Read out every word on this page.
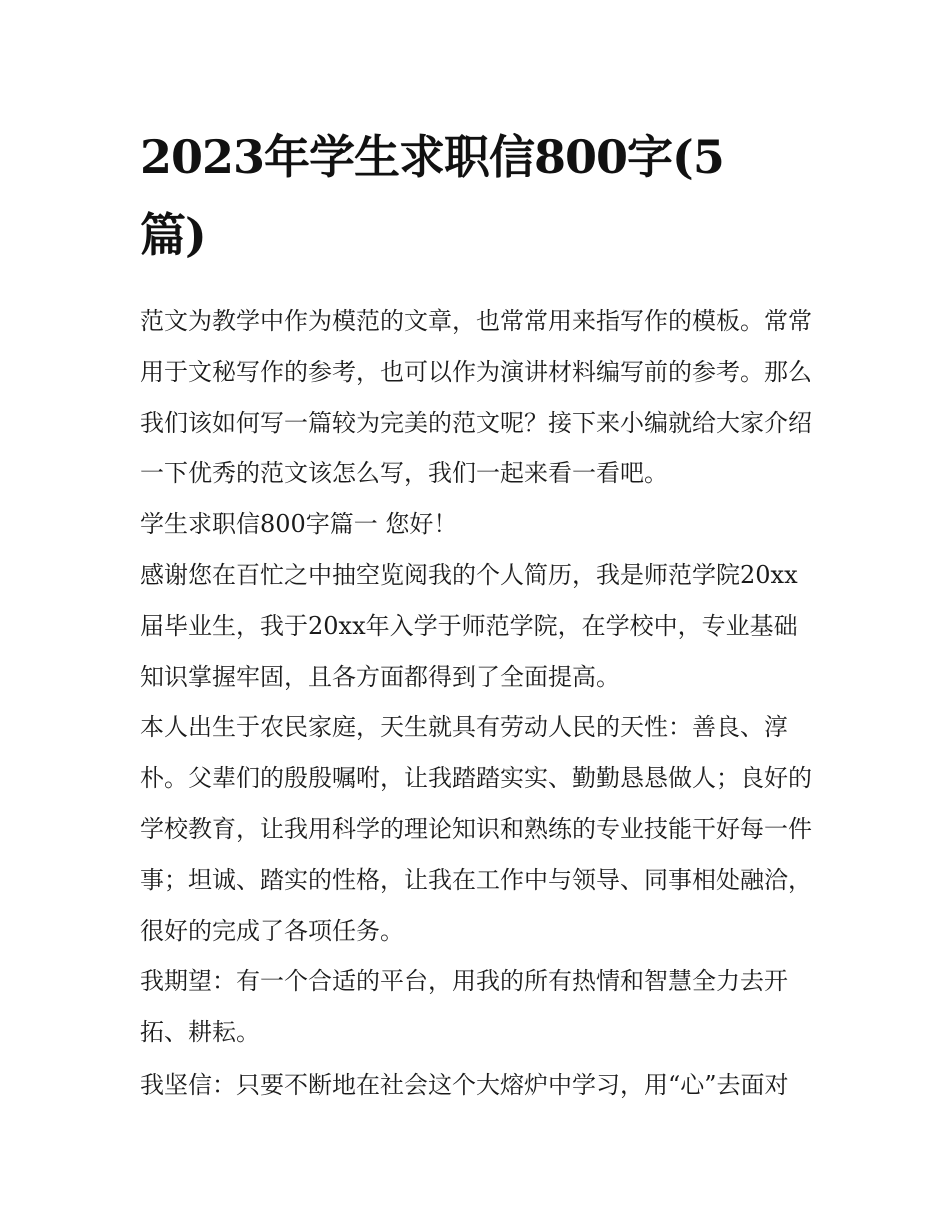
2023年学生求职信800字(5篇)

范文为教学中作为模范的文章，也常常用来指写作的模板。常常用于文秘写作的参考，也可以作为演讲材料编写前的参考。那么我们该如何写一篇较为完美的范文呢？接下来小编就给大家介绍一下优秀的范文该怎么写，我们一起来看一看吧。

学生求职信800字篇一 您好！

感谢您在百忙之中抽空览阅我的个人简历，我是师范学院20xx届毕业生，我于20xx年入学于师范学院，在学校中，专业基础知识掌握牢固，且各方面都得到了全面提高。

本人出生于农民家庭，天生就具有劳动人民的天性：善良、淳朴。父辈们的殷殷嘱咐，让我踏踏实实、勤勤恳恳做人；良好的学校教育，让我用科学的理论知识和熟练的专业技能干好每一件事；坦诚、踏实的性格，让我在工作中与领导、同事相处融洽，很好的完成了各项任务。

我期望：有一个合适的平台，用我的所有热情和智慧全力去开拓、耕耘。

我坚信：只要不断地在社会这个大熔炉中学习，用“心”去面对
